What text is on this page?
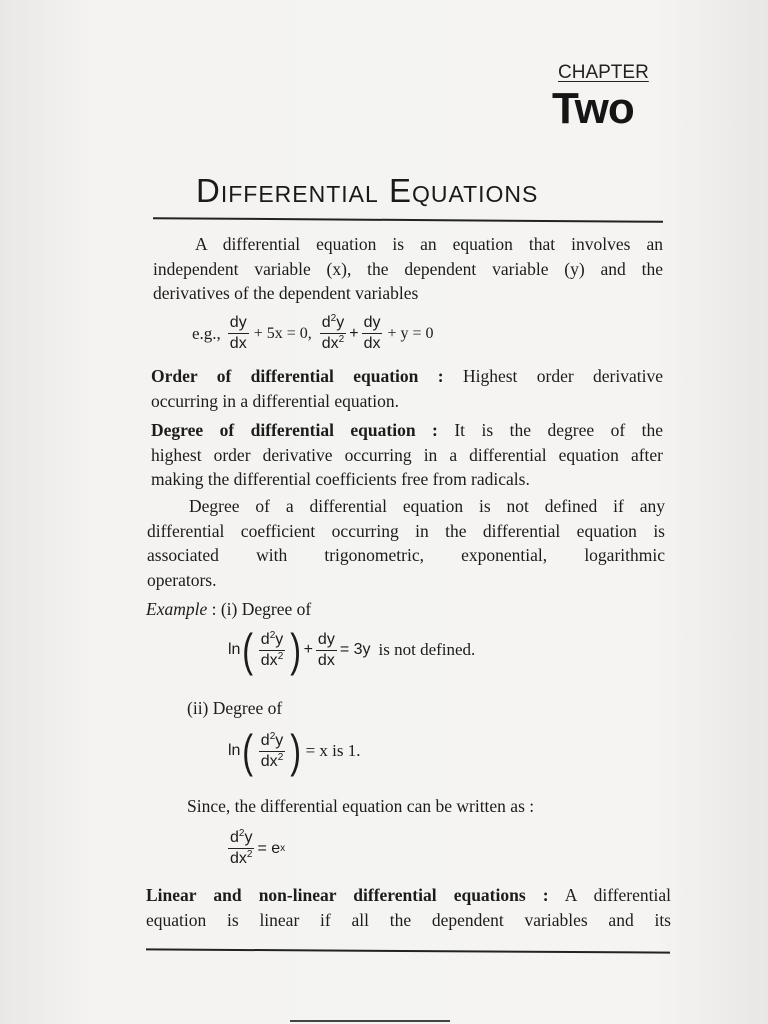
CHAPTER
Two
Differential Equations
A differential equation is an equation that involves an
independent variable (x), the dependent variable (y) and the
derivatives of the dependent variables
e.g., $\frac{dy}{dx} + 5x = 0$, $\frac{d^2y}{dx^2} + \frac{dy}{dx} + y = 0$
Order of differential equation : Highest order derivative
occurring in a differential equation.
Degree of differential equation : It is the degree of the
highest order derivative occurring in a differential equation after
making the differential coefficients free from radicals.
Degree of a differential equation is not defined if any
differential coefficient occurring in the differential equation is
associated with trigonometric, exponential, logarithmic
operators.
Example : (i) Degree of
ln ( $\frac{d^2y}{dx^2}$ ) + $\frac{dy}{dx} = 3y$ is not defined.
(ii) Degree of
ln ( $\frac{d^2y}{dx^2}$ ) = x is 1.
Since, the differential equation can be written as :
$\frac{d^2y}{dx^2} = e$ x
Linear and non-linear differential equations : A differential
equation is linear if all the dependent variables and its
